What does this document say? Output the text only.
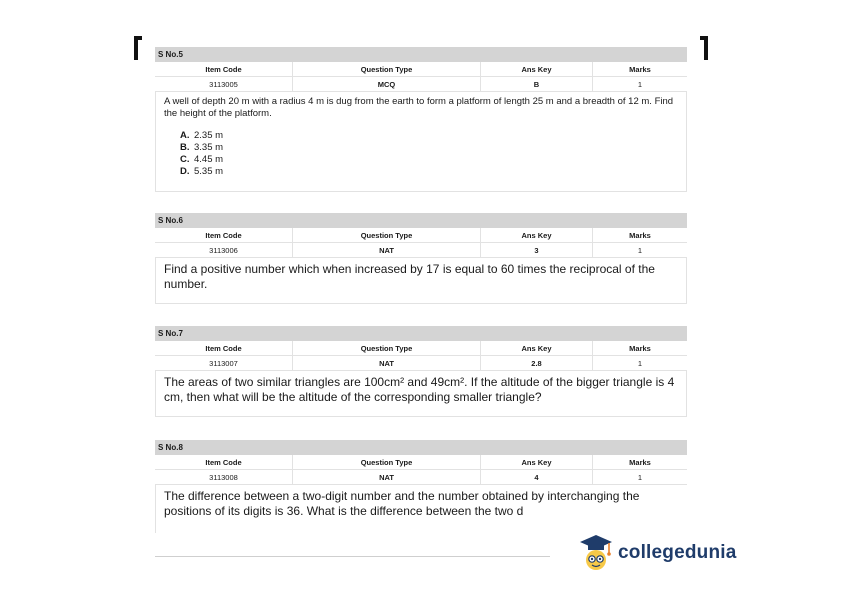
S No.5
Item Code	Question Type	Ans Key	Marks
3113005	MCQ	B	1

A well of depth 20 m with a radius 4 m is dug from the earth to form a platform of length 25 m and a breadth of 12 m. Find the height of the platform.

A. 2.35 m
B. 3.35 m
C. 4.45 m
D. 5.35 m
S No.6
Item Code	Question Type	Ans Key	Marks
3113006	NAT	3	1

Find a positive number which when increased by 17 is equal to 60 times the reciprocal of the number.

S No.7
Item Code	Question Type	Ans Key	Marks
3113007	NAT	2.8	1

The areas of two similar triangles are 100cm² and 49cm². If the altitude of the bigger triangle is 4 cm, then what will be the altitude of the corresponding smaller triangle?

S No.8
Item Code	Question Type	Ans Key	Marks
3113008	NAT	4	1

The difference between a two-digit number and the number obtained by interchanging the positions of its digits is 36. What is the difference between the two d

collegedunia
